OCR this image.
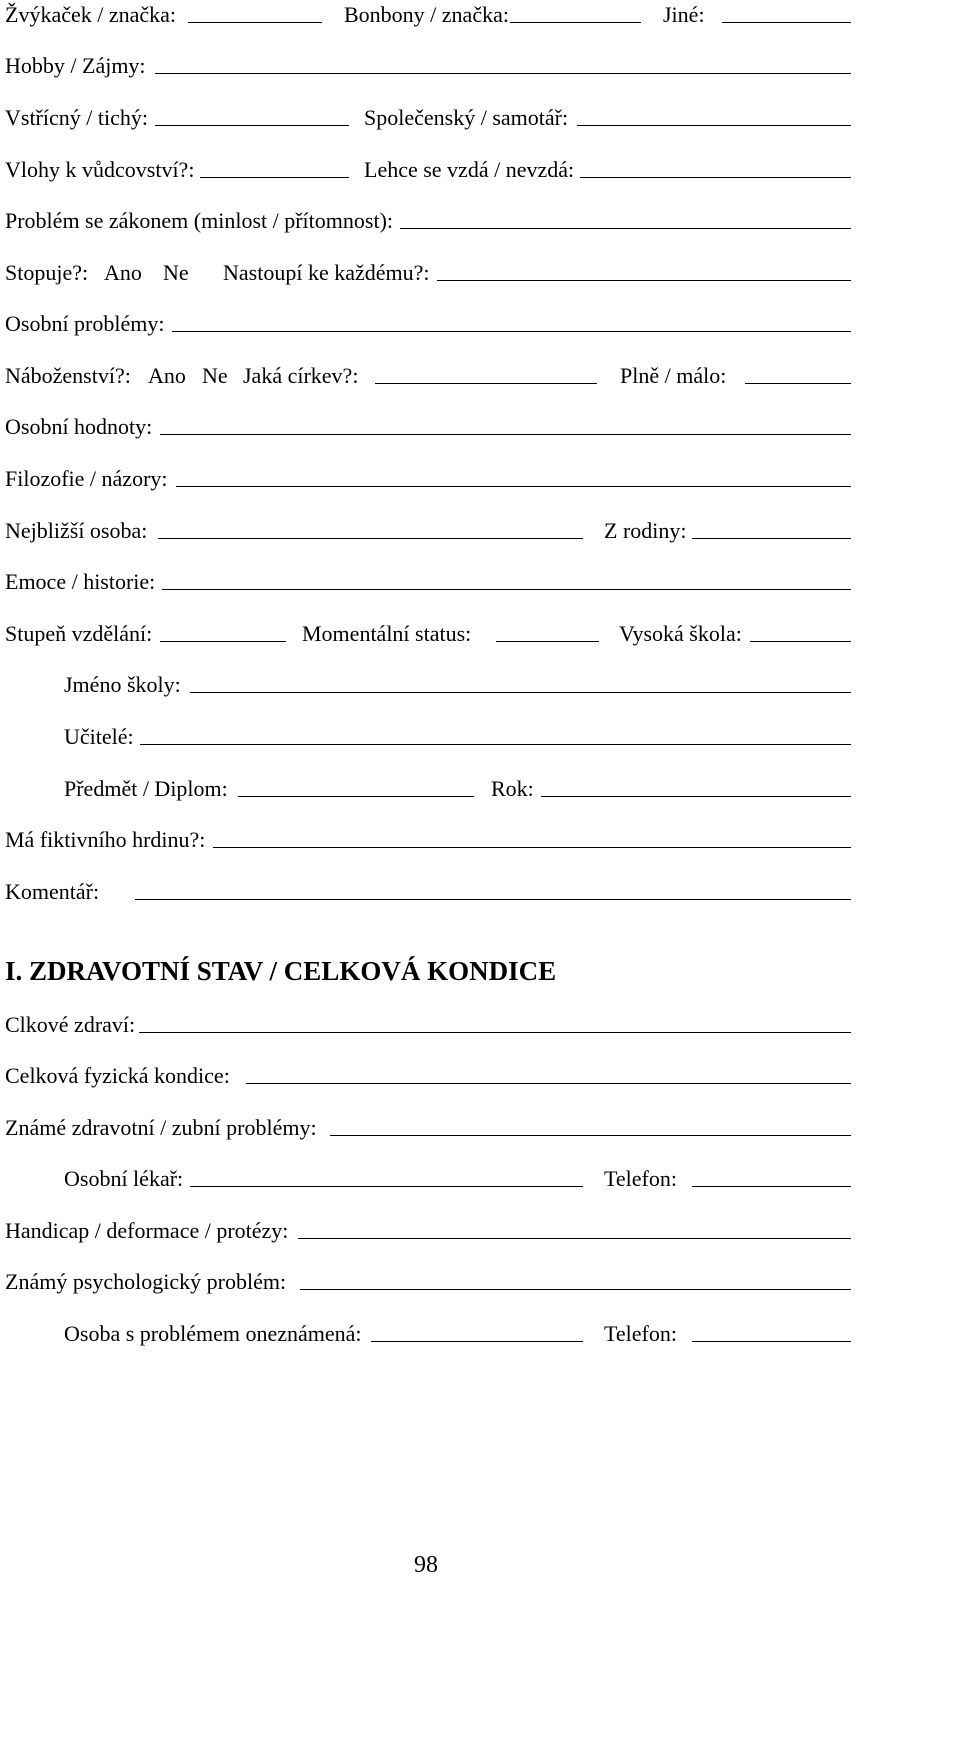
Žvýkaček / značka:	Bonbony / značka:	Jiné:
Hobby / Zájmy:
Vstřícný / tichý:	Společenský / samotář:
Vlohy k vůdcovství?:	Lehce se vzdá / nevzdá:
Problém se zákonem (minlost / přítomnost):
Stopuje?: Ano Ne Nastoupí ke každému?:
Osobní problémy:
Náboženství?: Ano Ne Jaká církev?:	Plně / málo:
Osobní hodnoty:
Filozofie / názory:
Nejbližší osoba:	Z rodiny:
Emoce / historie:
Stupeň vzdělání:	Momentální status:	Vysoká škola:
Jméno školy:
Učitelé:
Předmět / Diplom:	Rok:
Má fiktivního hrdinu?:
Komentář:
I. ZDRAVOTNÍ STAV / CELKOVÁ KONDICE
Clkové zdraví:
Celková fyzická kondice:
Známé zdravotní / zubní problémy:
Osobní lékař:	Telefon:
Handicap / deformace / protézy:
Známý psychologický problém:
Osoba s problémem oneznámená:	Telefon:
98
